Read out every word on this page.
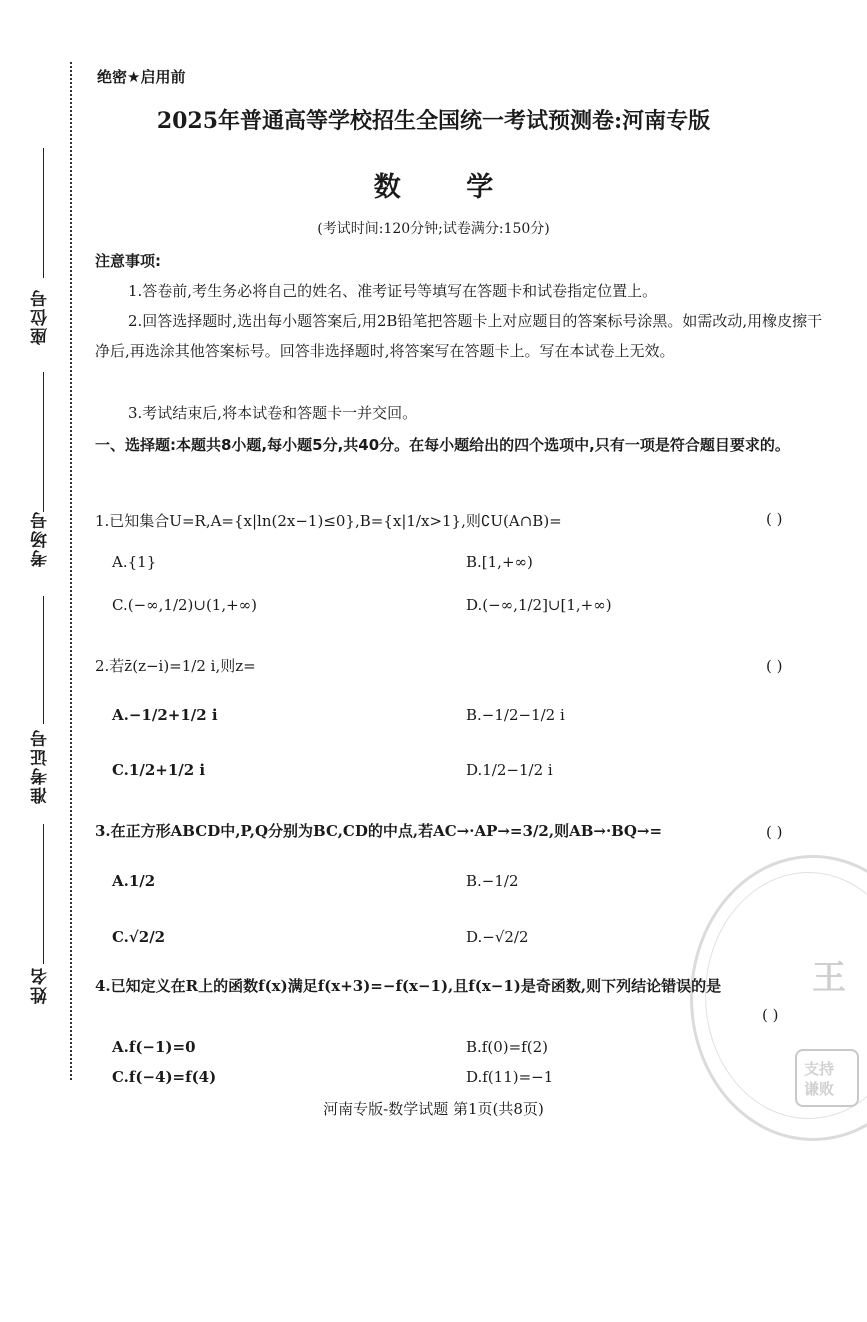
座位号
考场号
准考证号
姓名
绝密★启用前
2025年普通高等学校招生全国统一考试预测卷:河南专版
数 学
(考试时间:120分钟;试卷满分:150分)
注意事项:
1.答卷前,考生务必将自己的姓名、准考证号等填写在答题卡和试卷指定位置上。
2.回答选择题时,选出每小题答案后,用2B铅笔把答题卡上对应题目的答案标号涂黑。如需改动,用橡皮擦干净后,再选涂其他答案标号。回答非选择题时,将答案写在答题卡上。写在本试卷上无效。
3.考试结束后,将本试卷和答题卡一并交回。
一、选择题:本题共8小题,每小题5分,共40分。在每小题给出的四个选项中,只有一项是符合题目要求的。
1.已知集合U=R,A={x|ln(2x−1)≤0},B={x|1/x>1},则∁U(A∩B)=	( )
A.{1}	B.[1,+∞)
C.(−∞,1/2)∪(1,+∞)	D.(−∞,1/2]∪[1,+∞)
2.若z̄(z−i)=1/2 i,则z=	( )
A.−1/2+1/2 i	B.−1/2−1/2 i
C.1/2+1/2 i	D.1/2−1/2 i
3.在正方形ABCD中,P,Q分别为BC,CD的中点,若AC→·AP→=3/2,则AB→·BQ→=	( )
A.1/2	B.−1/2
C.√2/2	D.−√2/2
王
支持
谦败
4.已知定义在R上的函数f(x)满足f(x+3)=−f(x−1),且f(x−1)是奇函数,则下列结论错误的是
( )
A.f(−1)=0	B.f(0)=f(2)
C.f(−4)=f(4)	D.f(11)=−1
河南专版-数学试题 第1页(共8页)
